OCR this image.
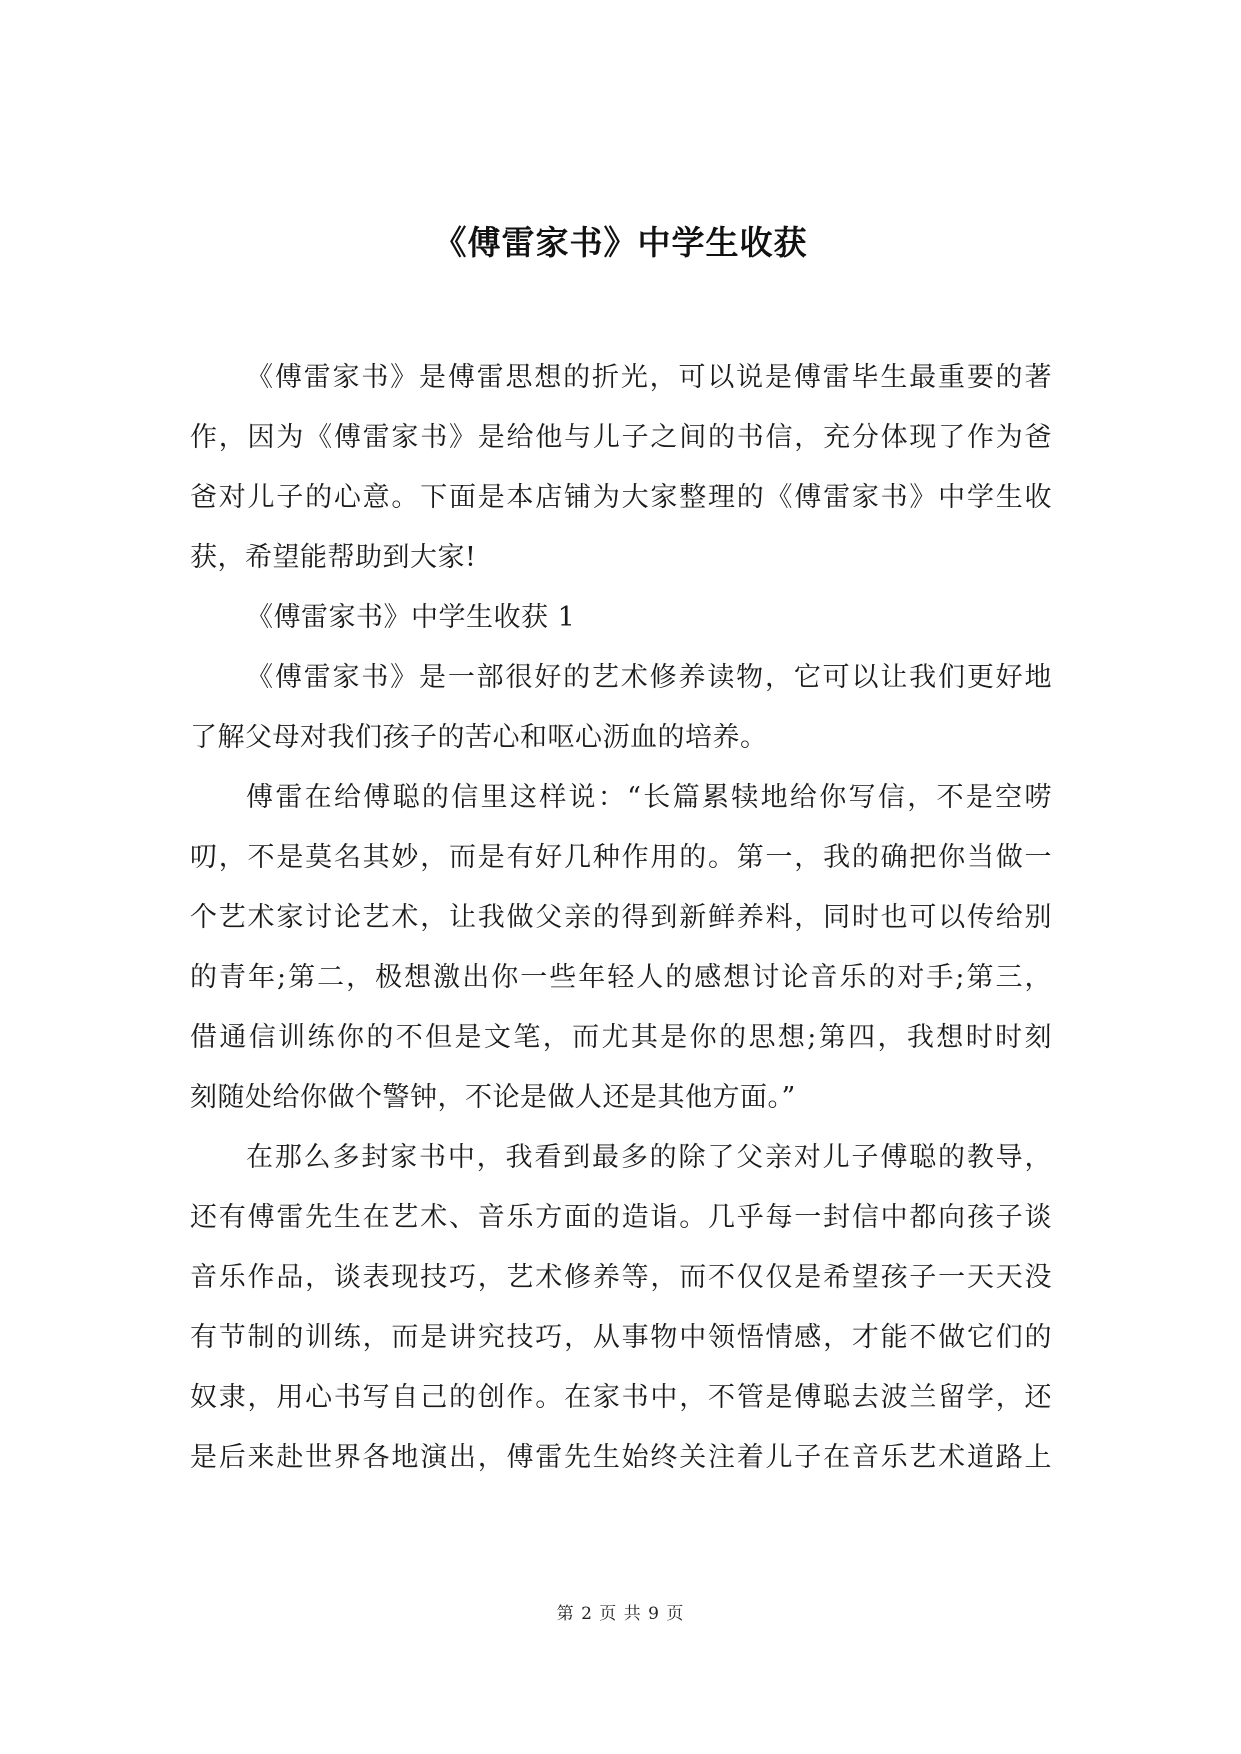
《傅雷家书》中学生收获
《傅雷家书》是傅雷思想的折光，可以说是傅雷毕生最重要的著
作，因为《傅雷家书》是给他与儿子之间的书信，充分体现了作为爸
爸对儿子的心意。下面是本店铺为大家整理的《傅雷家书》中学生收
获，希望能帮助到大家!
《傅雷家书》中学生收获 1
《傅雷家书》是一部很好的艺术修养读物，它可以让我们更好地
了解父母对我们孩子的苦心和呕心沥血的培养。
傅雷在给傅聪的信里这样说：“长篇累犊地给你写信，不是空唠
叨，不是莫名其妙，而是有好几种作用的。第一，我的确把你当做一
个艺术家讨论艺术，让我做父亲的得到新鲜养料，同时也可以传给别
的青年;第二，极想激出你一些年轻人的感想讨论音乐的对手;第三，
借通信训练你的不但是文笔，而尤其是你的思想;第四，我想时时刻
刻随处给你做个警钟，不论是做人还是其他方面。”
在那么多封家书中，我看到最多的除了父亲对儿子傅聪的教导，
还有傅雷先生在艺术、音乐方面的造诣。几乎每一封信中都向孩子谈
音乐作品，谈表现技巧，艺术修养等，而不仅仅是希望孩子一天天没
有节制的训练，而是讲究技巧，从事物中领悟情感，才能不做它们的
奴隶，用心书写自己的创作。在家书中，不管是傅聪去波兰留学，还
是后来赴世界各地演出，傅雷先生始终关注着儿子在音乐艺术道路上
第 2 页 共 9 页
